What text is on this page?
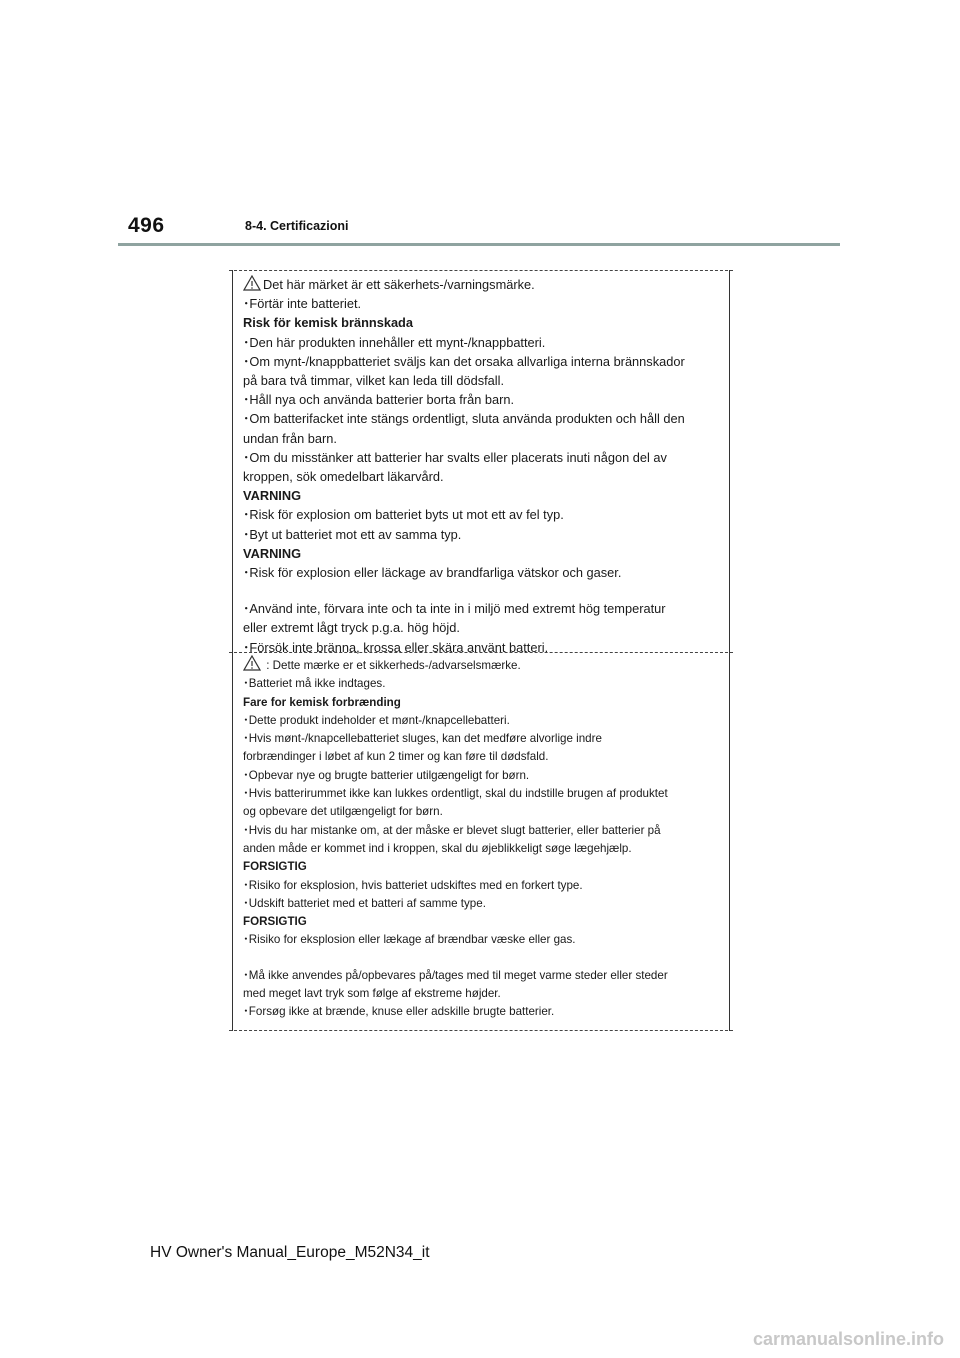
496	8-4. Certificazioni
Det här märket är ett säkerhets-/varningsmärke.
･Förtär inte batteriet.
Risk för kemisk brännskada
･Den här produkten innehåller ett mynt-/knappbatteri.
･Om mynt-/knappbatteriet sväljs kan det orsaka allvarliga interna brännskador
på bara två timmar, vilket kan leda till dödsfall.
･Håll nya och använda batterier borta från barn.
･Om batterifacket inte stängs ordentligt, sluta använda produkten och håll den
undan från barn.
･Om du misstänker att batterier har svalts eller placerats inuti någon del av
kroppen, sök omedelbart läkarvård.
VARNING
･Risk för explosion om batteriet byts ut mot ett av fel typ.
･Byt ut batteriet mot ett av samma typ.
VARNING
･Risk för explosion eller läckage av brandfarliga vätskor och gaser.
･Använd inte, förvara inte och ta inte in i miljö med extremt hög temperatur
eller extremt lågt tryck p.g.a. hög höjd.
･Försök inte bränna, krossa eller skära använt batteri.
: Dette mærke er et sikkerheds-/advarselsmærke.
･Batteriet må ikke indtages.
Fare for kemisk forbrænding
･Dette produkt indeholder et mønt-/knapcellebatteri.
･Hvis mønt-/knapcellebatteriet sluges, kan det medføre alvorlige indre
forbrændinger i løbet af kun 2 timer og kan føre til dødsfald.
･Opbevar nye og brugte batterier utilgængeligt for børn.
･Hvis batterirummet ikke kan lukkes ordentligt, skal du indstille brugen af produktet
og opbevare det utilgængeligt for børn.
･Hvis du har mistanke om, at der måske er blevet slugt batterier, eller batterier på
anden måde er kommet ind i kroppen, skal du øjeblikkeligt søge lægehjælp.
FORSIGTIG
･Risiko for eksplosion, hvis batteriet udskiftes med en forkert type.
･Udskift batteriet med et batteri af samme type.
FORSIGTIG
･Risiko for eksplosion eller lækage af brændbar væske eller gas.
･Må ikke anvendes på/opbevares på/tages med til meget varme steder eller steder
med meget lavt tryk som følge af ekstreme højder.
･Forsøg ikke at brænde, knuse eller adskille brugte batterier.
HV Owner's Manual_Europe_M52N34_it
carmanualsonline.info
